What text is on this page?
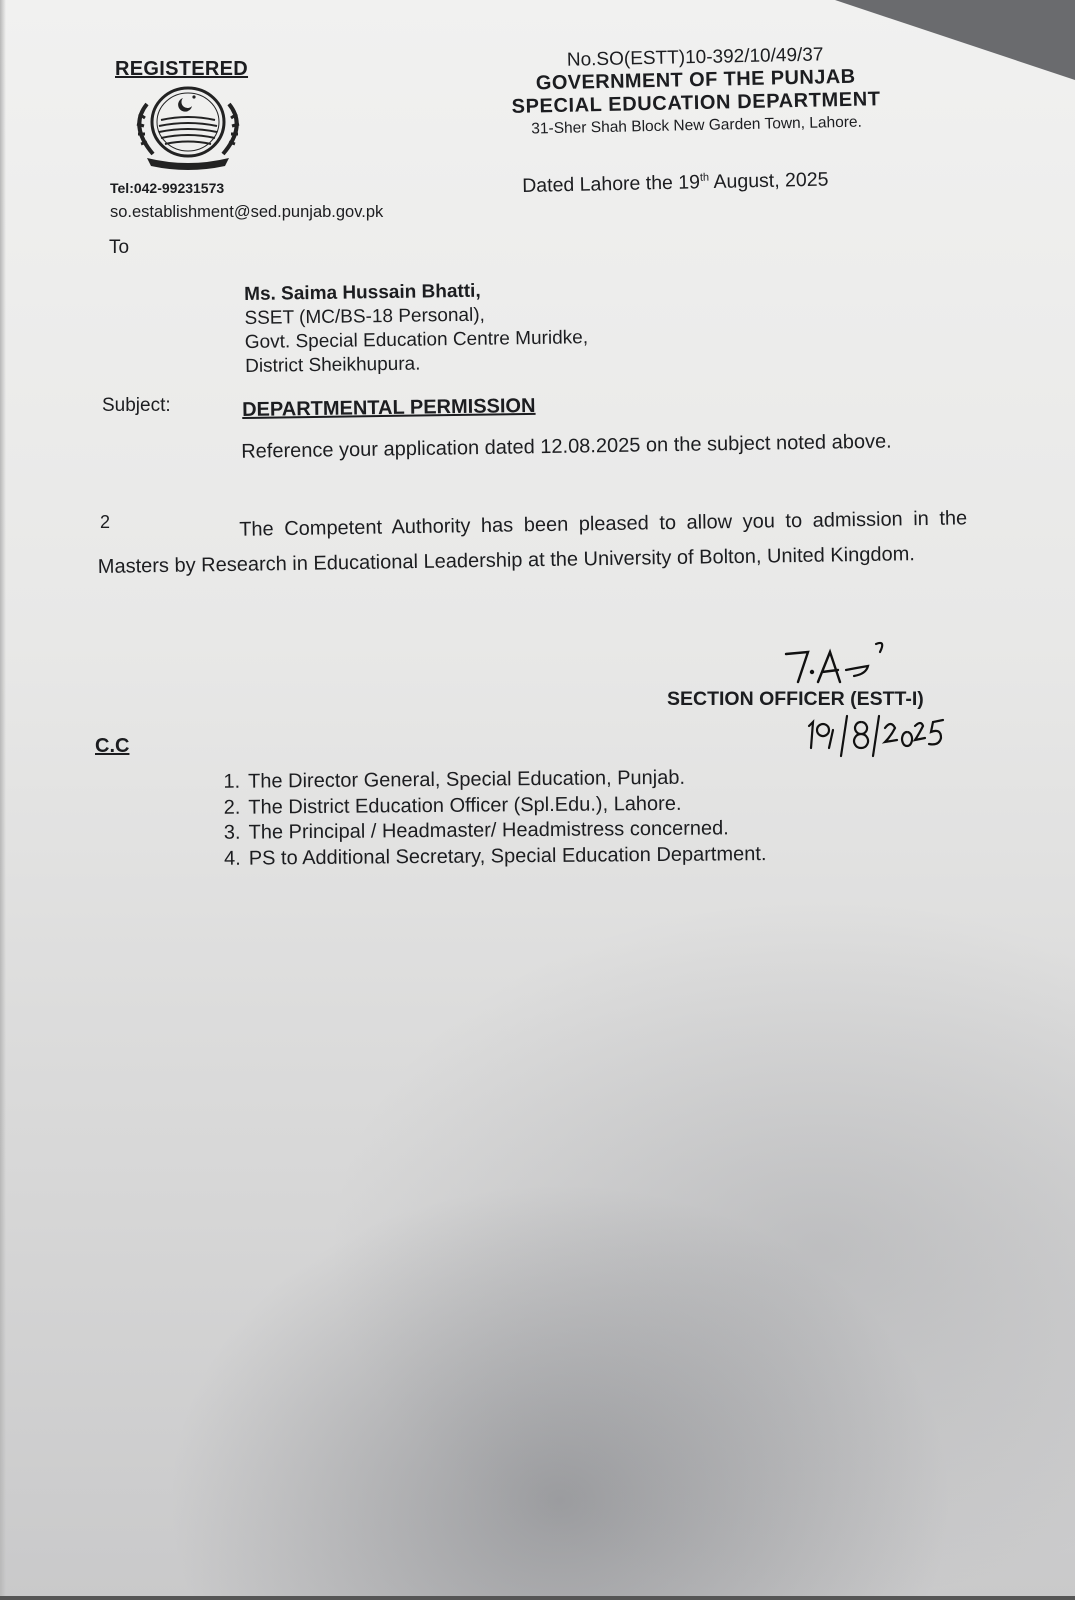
REGISTERED
Tel:042-99231573
so.establishment@sed.punjab.gov.pk
No.SO(ESTT)10-392/10/49/37
GOVERNMENT OF THE PUNJAB
SPECIAL EDUCATION DEPARTMENT
31-Sher Shah Block New Garden Town, Lahore.
Dated Lahore the 19th August, 2025
To
Ms. Saima Hussain Bhatti,
SSET (MC/BS-18 Personal),
Govt. Special Education Centre Muridke,
District Sheikhupura.
Subject:	DEPARTMENTAL PERMISSION
Reference your application dated 12.08.2025 on the subject noted above.
2	The Competent Authority has been pleased to allow you to admission in the Masters by Research in Educational Leadership at the University of Bolton, United Kingdom.
SECTION OFFICER (ESTT-I)
C.C
1. The Director General, Special Education, Punjab.
2. The District Education Officer (Spl.Edu.), Lahore.
3. The Principal / Headmaster/ Headmistress concerned.
4. PS to Additional Secretary, Special Education Department.
